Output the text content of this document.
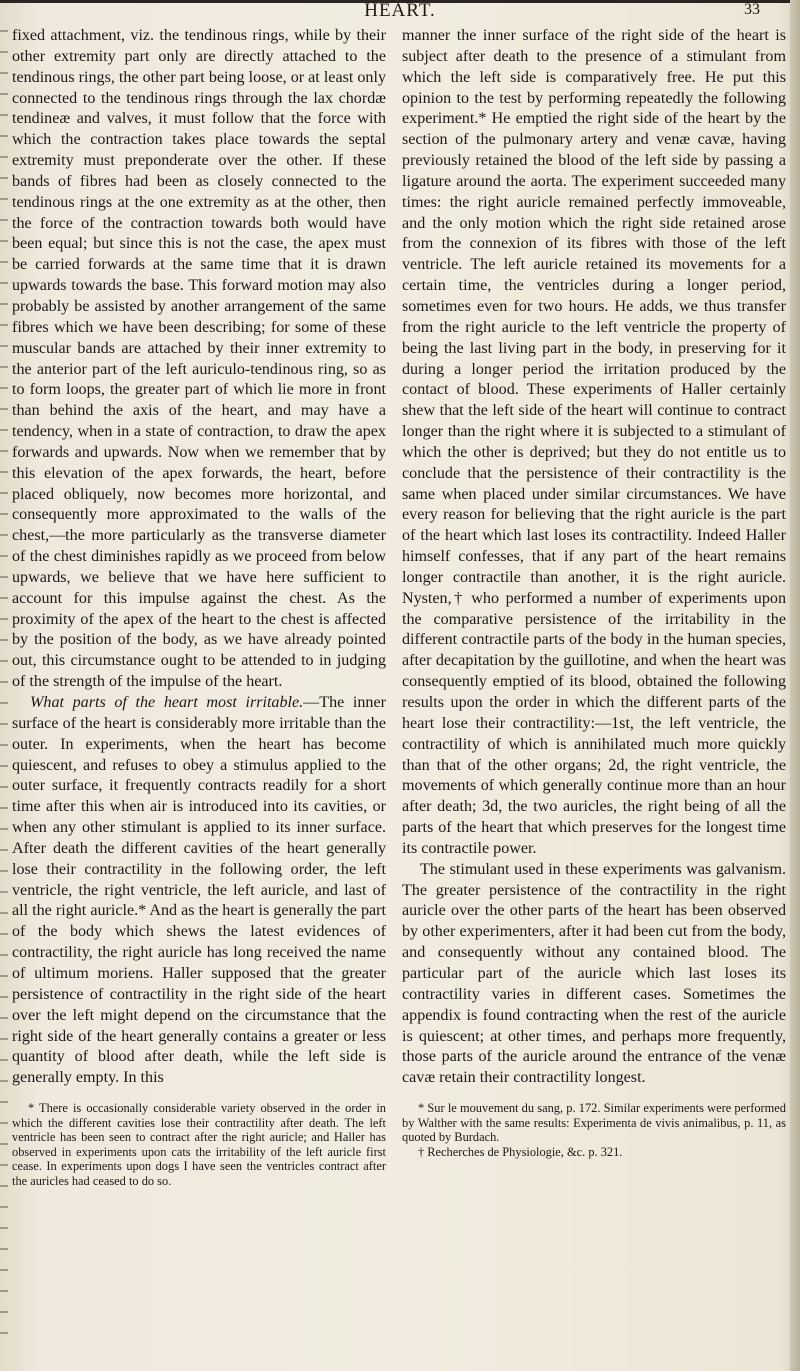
HEART.	33

fixed attachment, viz. the tendinous rings, while by their other extremity part only are directly attached to the tendinous rings, the other part being loose, or at least only connected to the tendinous rings through the lax chordæ tendineæ and valves, it must follow that the force with which the contraction takes place towards the septal extremity must preponderate over the other. If these bands of fibres had been as closely connected to the tendinous rings at the one extremity as at the other, then the force of the contraction towards both would have been equal; but since this is not the case, the apex must be carried forwards at the same time that it is drawn upwards towards the base. This forward motion may also probably be assisted by another arrangement of the same fibres which we have been describing; for some of these muscular bands are attached by their inner extremity to the anterior part of the left auriculo-tendinous ring, so as to form loops, the greater part of which lie more in front than behind the axis of the heart, and may have a tendency, when in a state of contraction, to draw the apex forwards and upwards. Now when we remember that by this elevation of the apex forwards, the heart, before placed obliquely, now becomes more horizontal, and consequently more approximated to the walls of the chest,—the more particularly as the transverse diameter of the chest diminishes rapidly as we proceed from below upwards, we believe that we have here sufficient to account for this impulse against the chest. As the proximity of the apex of the heart to the chest is affected by the position of the body, as we have already pointed out, this circumstance ought to be attended to in judging of the strength of the impulse of the heart.

What parts of the heart most irritable.—The inner surface of the heart is considerably more irritable than the outer. In experiments, when the heart has become quiescent, and refuses to obey a stimulus applied to the outer surface, it frequently contracts readily for a short time after this when air is introduced into its cavities, or when any other stimulant is applied to its inner surface. After death the different cavities of the heart generally lose their contractility in the following order, the left ventricle, the right ventricle, the left auricle, and last of all the right auricle.* And as the heart is generally the part of the body which shews the latest evidences of contractility, the right auricle has long received the name of ultimum moriens. Haller supposed that the greater persistence of contractility in the right side of the heart over the left might depend on the circumstance that the right side of the heart generally contains a greater or less quantity of blood after death, while the left side is generally empty. In this

* There is occasionally considerable variety observed in the order in which the different cavities lose their contractility after death. The left ventricle has been seen to contract after the right auricle; and Haller has observed in experiments upon cats the irritability of the left auricle first cease. In experiments upon dogs I have seen the ventricles contract after the auricles had ceased to do so.

manner the inner surface of the right side of the heart is subject after death to the presence of a stimulant from which the left side is comparatively free. He put this opinion to the test by performing repeatedly the following experiment.* He emptied the right side of the heart by the section of the pulmonary artery and venæ cavæ, having previously retained the blood of the left side by passing a ligature around the aorta. The experiment succeeded many times: the right auricle remained perfectly immoveable, and the only motion which the right side retained arose from the connexion of its fibres with those of the left ventricle. The left auricle retained its movements for a certain time, the ventricles during a longer period, sometimes even for two hours. He adds, we thus transfer from the right auricle to the left ventricle the property of being the last living part in the body, in preserving for it during a longer period the irritation produced by the contact of blood. These experiments of Haller certainly shew that the left side of the heart will continue to contract longer than the right where it is subjected to a stimulant of which the other is deprived; but they do not entitle us to conclude that the persistence of their contractility is the same when placed under similar circumstances. We have every reason for believing that the right auricle is the part of the heart which last loses its contractility. Indeed Haller himself confesses, that if any part of the heart remains longer contractile than another, it is the right auricle. Nysten,† who performed a number of experiments upon the comparative persistence of the irritability in the different contractile parts of the body in the human species, after decapitation by the guillotine, and when the heart was consequently emptied of its blood, obtained the following results upon the order in which the different parts of the heart lose their contractility:—1st, the left ventricle, the contractility of which is annihilated much more quickly than that of the other organs; 2d, the right ventricle, the movements of which generally continue more than an hour after death; 3d, the two auricles, the right being of all the parts of the heart that which preserves for the longest time its contractile power.

The stimulant used in these experiments was galvanism. The greater persistence of the contractility in the right auricle over the other parts of the heart has been observed by other experimenters, after it had been cut from the body, and consequently without any contained blood. The particular part of the auricle which last loses its contractility varies in different cases. Sometimes the appendix is found contracting when the rest of the auricle is quiescent; at other times, and perhaps more frequently, those parts of the auricle around the entrance of the venæ cavæ retain their contractility longest.

* Sur le mouvement du sang, p. 172. Similar experiments were performed by Walther with the same results: Experimenta de vivis animalibus, p. 11, as quoted by Burdach.

† Recherches de Physiologie, &c. p. 321.
